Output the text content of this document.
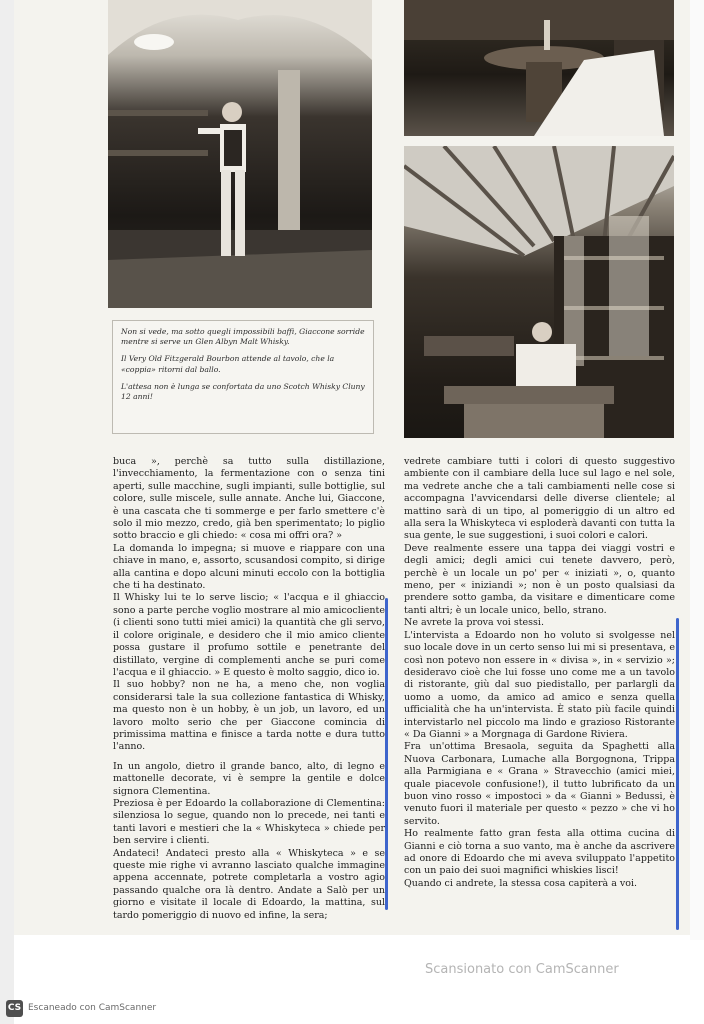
Non si vede, ma sotto quegli impossibili baffi, Giaccone sorride mentre si serve un Glen Albyn Malt Whisky.

Il Very Old Fitzgerald Bourbon attende al tavolo, che la «coppia» ritorni dal ballo.

L'attesa non è lunga se confortata da uno Scotch Whisky Cluny 12 anni!

buca », perchè sa tutto sulla distillazione, l'invecchiamento, la fermentazione con o senza tini aperti, sulle macchine, sugli impianti, sulle bottiglie, sul colore, sulle miscele, sulle annate. Anche lui, Giaccone, è una cascata che ti sommerge e per farlo smettere c'è solo il mio mezzo, credo, già ben sperimentato; lo piglio sotto braccio e gli chiedo: « cosa mi offri ora? »

La domanda lo impegna; si muove e riappare con una chiave in mano, e, assorto, scusandosi compito, si dirige alla cantina e dopo alcuni minuti eccolo con la bottiglia che ti ha destinato.

Il Whisky lui te lo serve liscio; « l'acqua e il ghiaccio sono a parte perche voglio mostrare al mio amicocliente (i clienti sono tutti miei amici) la quantità che gli servo, il colore originale, e desidero che il mio amico cliente possa gustare il profumo sottile e penetrante del distillato, vergine di complementi anche se puri come l'acqua e il ghiaccio. » E questo è molto saggio, dico io.

Il suo hobby? non ne ha, a meno che, non voglia considerarsi tale la sua collezione fantastica di Whisky, ma questo non è un hobby, è un job, un lavoro, ed un lavoro molto serio che per Giaccone comincia di primissima mattina e finisce a tarda notte e dura tutto l'anno.

In un angolo, dietro il grande banco, alto, di legno e mattonelle decorate, vi è sempre la gentile e dolce signora Clementina.

Preziosa è per Edoardo la collaborazione di Clementina: silenziosa lo segue, quando non lo precede, nei tanti e tanti lavori e mestieri che la « Whiskyteca » chiede per ben servire i clienti.

Andateci! Andateci presto alla « Whiskyteca » e se queste mie righe vi avranno lasciato qualche immagine appena accennate, potrete completarla a vostro agio passando qualche ora là dentro. Andate a Salò per un giorno e visitate il locale di Edoardo, la mattina, sul tardo pomeriggio di nuovo ed infine, la sera;

vedrete cambiare tutti i colori di questo suggestivo ambiente con il cambiare della luce sul lago e nel sole, ma vedrete anche che a tali cambiamenti nelle cose si accompagna l'avvicendarsi delle diverse clientele; al mattino sarà di un tipo, al pomeriggio di un altro ed alla sera la Whiskyteca vi esploderà davanti con tutta la sua gente, le sue suggestioni, i suoi colori e calori.

Deve realmente essere una tappa dei viaggi vostri e degli amici; degli amici cui tenete davvero, però, perchè è un locale un po' per « iniziati », o, quanto meno, per « iniziandi »; non è un posto qualsiasi da prendere sotto gamba, da visitare e dimenticare come tanti altri; è un locale unico, bello, strano.

Ne avrete la prova voi stessi.

L'intervista a Edoardo non ho voluto si svolgesse nel suo locale dove in un certo senso lui mi si presentava, e così non potevo non essere in « divisa », in « servizio »; desideravo cioè che lui fosse uno come me a un tavolo di ristorante, giù dal suo piedistallo, per parlargli da uomo a uomo, da amico ad amico e senza quella ufficialità che ha un'intervista. È stato più facile quindi intervistarlo nel piccolo ma lindo e grazioso Ristorante « Da Gianni » a Morgnaga di Gardone Riviera.

Fra un'ottima Bresaola, seguita da Spaghetti alla Nuova Carbonara, Lumache alla Borgognona, Trippa alla Parmigiana e « Grana » Stravecchio (amici miei, quale piacevole confusione!), il tutto lubrificato da un buon vino rosso « impostoci » da « Gianni » Bedussi, è venuto fuori il materiale per questo « pezzo » che vi ho servito.

Ho realmente fatto gran festa alla ottima cucina di Gianni e ciò torna a suo vanto, ma è anche da ascrivere ad onore di Edoardo che mi aveva sviluppato l'appetito con un paio dei suoi magnifici whiskies lisci!

Quando ci andrete, la stessa cosa capiterà a voi.

Scansionato con CamScanner
CS Escaneado con CamScanner
